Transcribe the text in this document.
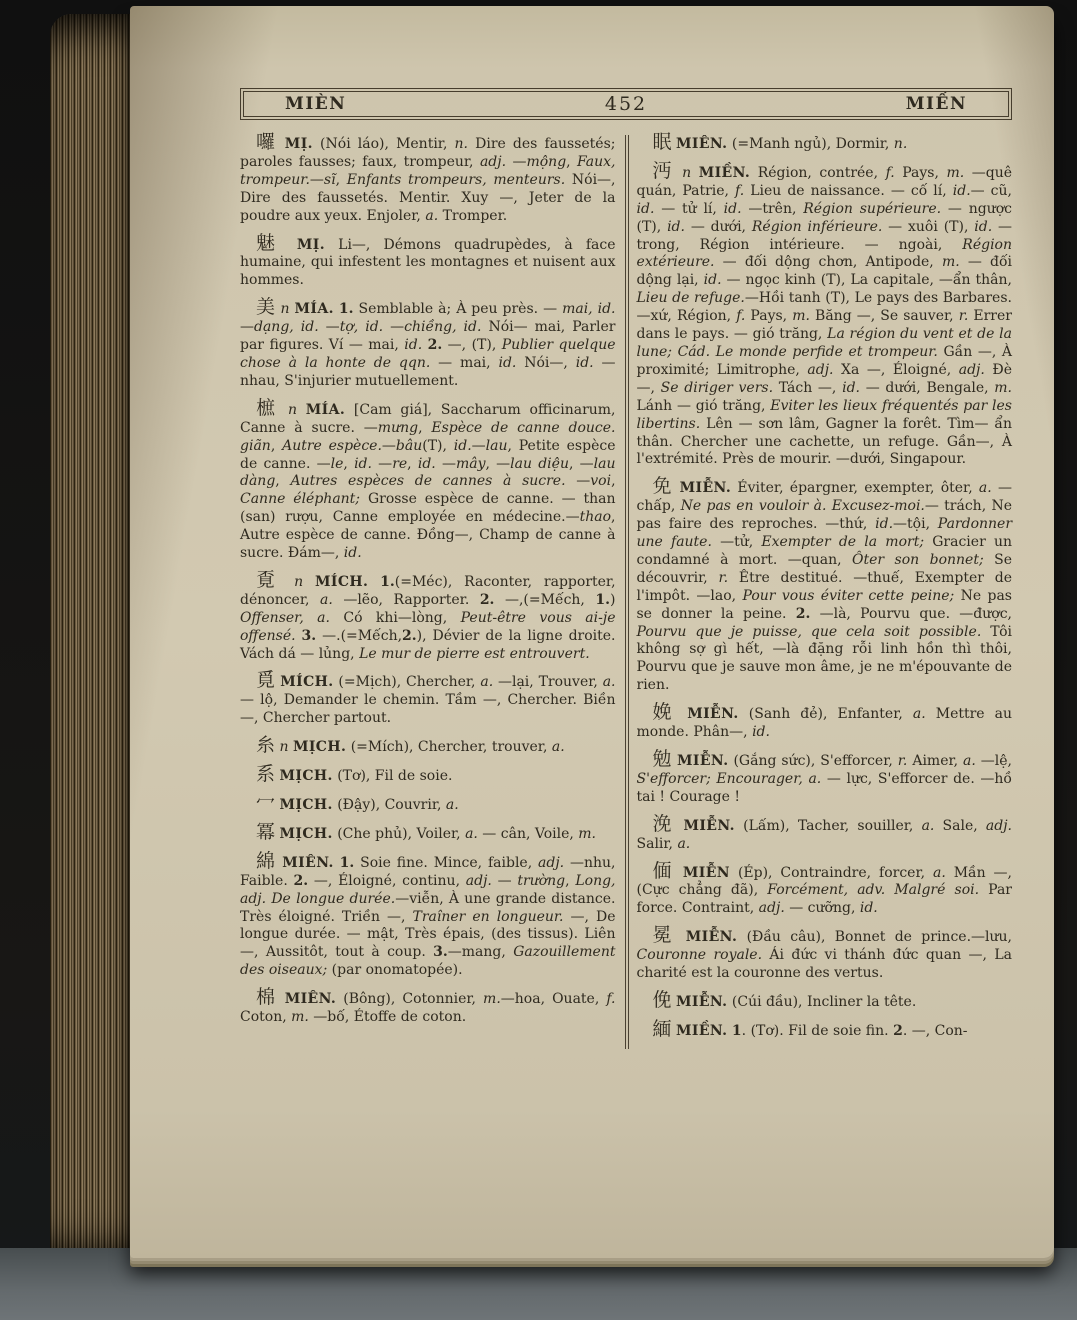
MIÈN	452	MIẾN

囉 MỊ. (Nói láo), Mentir, n. Dire des faussetés; paroles fausses; faux, trompeur, adj. —mộng, Faux, trompeur.—sĩ, Enfants trompeurs, menteurs. Nói—, Dire des faussetés. Mentir. Xuy —, Jeter de la poudre aux yeux. Enjoler, a. Tromper.

魅 MỊ. Li—, Démons quadrupèdes, à face humaine, qui infestent les montagnes et nuisent aux hommes.

美 n MÍA. 1. Semblable à; À peu près. — mai, id. —dạng, id. —tợ, id. —chiềng, id. Nói— mai, Parler par figures. Ví — mai, id. 2. —, (T), Publier quelque chose à la honte de qqn. — mai, id. Nói—, id. —nhau, S'injurier mutuellement.

樜 n MÍA. [Cam giá], Saccharum officinarum, Canne à sucre. —mưng, Espèce de canne douce. giãn, Autre espèce.—bâu(T), id.—lau, Petite espèce de canne. —le, id. —re, id. —mây, —lau diệu, —lau dàng, Autres espèces de cannes à sucre. —voi, Canne éléphant; Grosse espèce de canne. — than (san) rượu, Canne employée en médecine.—thao, Autre espèce de canne. Đồng—, Champ de canne à sucre. Đám—, id.

覔 n MÍCH. 1.(=Méc), Raconter, rapporter, dénoncer, a. —lẽo, Rapporter. 2. —,(=Mếch, 1.) Offenser, a. Có khi—lòng, Peut-être vous ai-je offensé. 3. —.(=Mếch,2.), Dévier de la ligne droite. Vách dá — lủng, Le mur de pierre est entrouvert.

覓 MÍCH. (=Mịch), Chercher, a. —lại, Trouver, a. — lộ, Demander le chemin. Tầm —, Chercher. Biền —, Chercher partout.

糸 n MỊCH. (=Mích), Chercher, trouver, a.

系 MỊCH. (Tơ), Fil de soie.

冖 MỊCH. (Đậy), Couvrir, a.

冪 MỊCH. (Che phủ), Voiler, a. — cân, Voile, m.

綿 MIÊN. 1. Soie fine. Mince, faible, adj. —nhu, Faible. 2. —, Éloigné, continu, adj. — trường, Long, adj. De longue durée.—viễn, À une grande distance. Très éloigné. Triền —, Traîner en longueur. —, De longue durée. — mật, Très épais, (des tissus). Liên—, Aussitôt, tout à coup. 3.—mang, Gazouillement des oiseaux; (par onomatopée).

棉 MIÊN. (Bông), Cotonnier, m.—hoa, Ouate, f. Coton, m. —bố, Étoffe de coton.

眠 MIÊN. (=Manh ngủ), Dormir, n.

沔 n MIỀN. Région, contrée, f. Pays, m. —quê quán, Patrie, f. Lieu de naissance. — cố lí, id.— cũ, id. — tử lí, id. —trên, Région supérieure. — ngược (T), id. — dưới, Région inférieure. — xuôi (T), id. — trong, Région intérieure. — ngoài, Région extérieure. — đối dộng chơn, Antipode, m. — đối dộng lại, id. — ngọc kinh (T), La capitale, —ẩn thân, Lieu de refuge.—Hồi tanh (T), Le pays des Barbares. —xứ, Région, f. Pays, m. Băng —, Se sauver, r. Errer dans le pays. — gió trăng, La région du vent et de la lune; Cád. Le monde perfide et trompeur. Gần —, À proximité; Limitrophe, adj. Xa —, Éloigné, adj. Đè —, Se diriger vers. Tách —, id. — dưới, Bengale, m. Lánh — gió trăng, Eviter les lieux fréquentés par les libertins. Lên — sơn lâm, Gagner la forêt. Tìm— ẩn thân. Chercher une cachette, un refuge. Gần—, À l'extrémité. Près de mourir. —dưới, Singapour.

免 MIỄN. Éviter, épargner, exempter, ôter, a. —chấp, Ne pas en vouloir à. Excusez-moi.— trách, Ne pas faire des reproches. —thứ, id.—tội, Pardonner une faute. —tử, Exempter de la mort; Gracier un condamné à mort. —quan, Ôter son bonnet; Se découvrir, r. Être destitué. —thuế, Exempter de l'impôt. —lao, Pour vous éviter cette peine; Ne pas se donner la peine. 2. —là, Pourvu que. —được, Pourvu que je puisse, que cela soit possible. Tôi không sợ gì hết, —là đặng rỗi linh hồn thì thôi, Pourvu que je sauve mon âme, je ne m'épouvante de rien.

娩 MIỄN. (Sanh đẻ), Enfanter, a. Mettre au monde. Phân—, id.

勉 MIỄN. (Gắng sức), S'efforcer, r. Aimer, a. —lệ, S'efforcer; Encourager, a. — lực, S'efforcer de. —hồ tai ! Courage !

浼 MIỄN. (Lấm), Tacher, souiller, a. Sale, adj. Salir, a.

偭 MIỄN (Ép), Contraindre, forcer, a. Mần —, (Cực chẳng đã), Forcément, adv. Malgré soi. Par force. Contraint, adj. — cưỡng, id.

冕 MIỄN. (Đầu câu), Bonnet de prince.—lưu, Couronne royale. Ái đức vi thánh đức quan —, La charité est la couronne des vertus.

俛 MIỄN. (Cúi đầu), Incliner la tête.

緬 MIỀN. 1. (Tơ). Fil de soie fin. 2. —, Con-
